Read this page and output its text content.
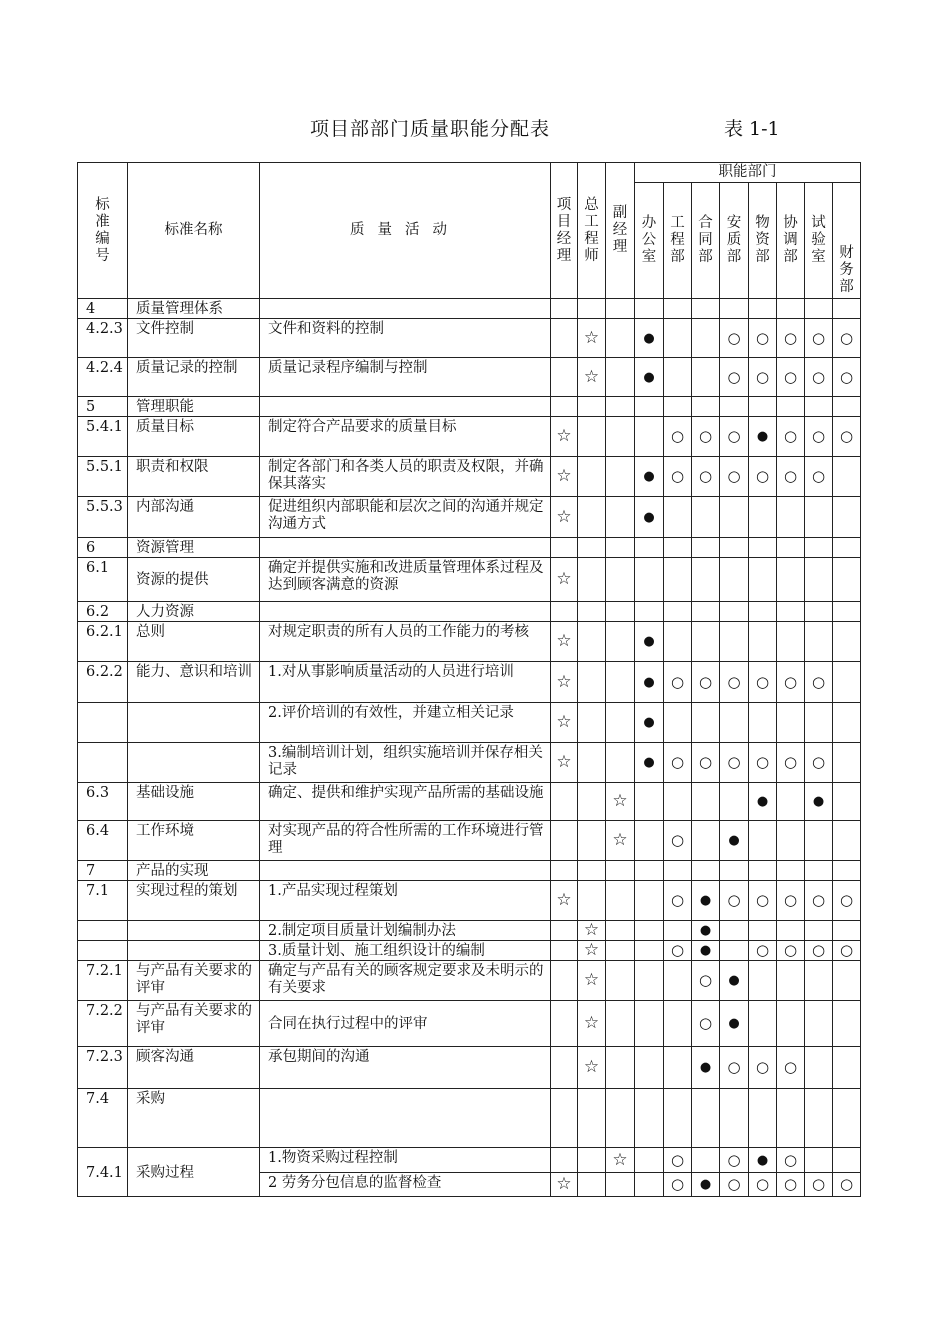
项目部部门质量职能分配表	表 1-1
标准编号	标准名称	质量活动	项目经理	总工程师	副经理	职能部门							
						办公室	工程部	合同部	安质部	物资部	协调部	试验室	财务部
4	质量管理体系												
4.2.3	文件控制	文件和资料的控制		☆		●			○	○	○	○	○
4.2.4	质量记录的控制	质量记录程序编制与控制		☆		●			○	○	○	○	○
5	管理职能												
5.4.1	质量目标	制定符合产品要求的质量目标	☆				○	○	○	●	○	○	○
5.5.1	职责和权限	制定各部门和各类人员的职责及权限，并确保其落实	☆			●	○	○	○	○	○	○	
5.5.3	内部沟通	促进组织内部职能和层次之间的沟通并规定沟通方式	☆			●							
6	资源管理												
6.1	资源的提供	确定并提供实施和改进质量管理体系过程及达到顾客满意的资源	☆										
6.2	人力资源												
6.2.1	总则	对规定职责的所有人员的工作能力的考核	☆			●							
6.2.2	能力、意识和培训	1.对从事影响质量活动的人员进行培训	☆			●	○	○	○	○	○	○	
		2.评价培训的有效性，并建立相关记录	☆			●							
		3.编制培训计划，组织实施培训并保存相关记录	☆			●	○	○	○	○	○	○	
6.3	基础设施	确定、提供和维护实现产品所需的基础设施			☆					●		●	
6.4	工作环境	对实现产品的符合性所需的工作环境进行管理			☆		○		●				
7	产品的实现												
7.1	实现过程的策划	1.产品实现过程策划	☆				○	●	○	○	○	○	○
		2.制定项目质量计划编制办法		☆				●					
		3.质量计划、施工组织设计的编制		☆			○	●		○	○	○	○
7.2.1	与产品有关要求的评审	确定与产品有关的顾客规定要求及未明示的有关要求		☆				○	●				
7.2.2	与产品有关要求的评审	合同在执行过程中的评审		☆				○	●				
7.2.3	顾客沟通	承包期间的沟通		☆				●	○	○	○		
7.4	采购												
7.4.1	采购过程	1.物资采购过程控制			☆		○		○	●	○		
		2 劳务分包信息的监督检查	☆				○	●	○	○	○	○	○
